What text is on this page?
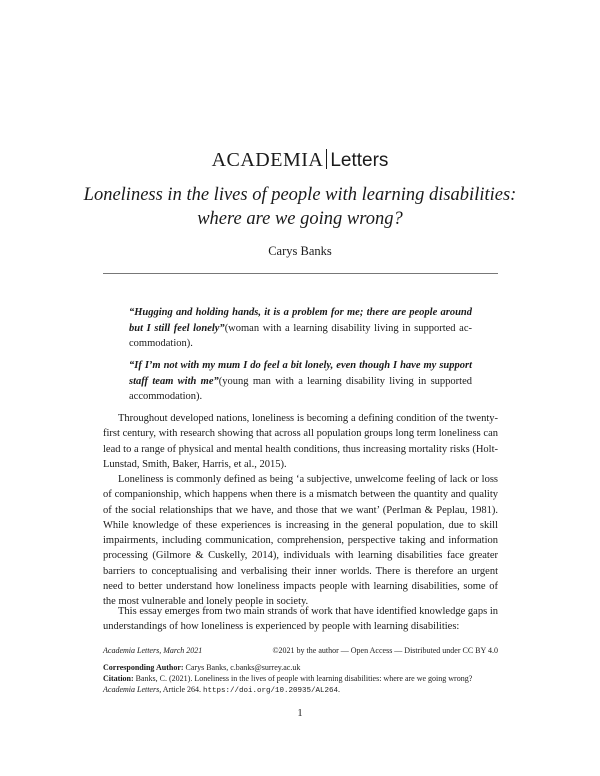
ACADEMIA Letters
Loneliness in the lives of people with learning disabilities: where are we going wrong?
Carys Banks
“Hugging and holding hands, it is a problem for me; there are people around but I still feel lonely”(woman with a learning disability living in supported ac-commodation).
“If I’m not with my mum I do feel a bit lonely, even though I have my support staff team with me”(young man with a learning disability living in supported accommodation).

Throughout developed nations, loneliness is becoming a defining condition of the twenty-first century, with research showing that across all population groups long term loneliness can lead to a range of physical and mental health conditions, thus increasing mortality risks (Holt-Lunstad, Smith, Baker, Harris, et al., 2015).

Loneliness is commonly defined as being ‘a subjective, unwelcome feeling of lack or loss of companionship, which happens when there is a mismatch between the quantity and quality of the social relationships that we have, and those that we want’ (Perlman & Peplau, 1981). While knowledge of these experiences is increasing in the general population, due to skill impairments, including communication, comprehension, perspective taking and information processing (Gilmore & Cuskelly, 2014), individuals with learning disabilities face greater barriers to conceptualising and verbalising their inner worlds. There is therefore an urgent need to better understand how loneliness impacts people with learning disabilities, some of the most vulnerable and lonely people in society.

This essay emerges from two main strands of work that have identified knowledge gaps in understandings of how loneliness is experienced by people with learning disabilities:

Academia Letters, March 2021	©2021 by the author — Open Access — Distributed under CC BY 4.0
Corresponding Author: Carys Banks, c.banks@surrey.ac.uk
Citation: Banks, C. (2021). Loneliness in the lives of people with learning disabilities: where are we going wrong? Academia Letters, Article 264. https://doi.org/10.20935/AL264.
1
